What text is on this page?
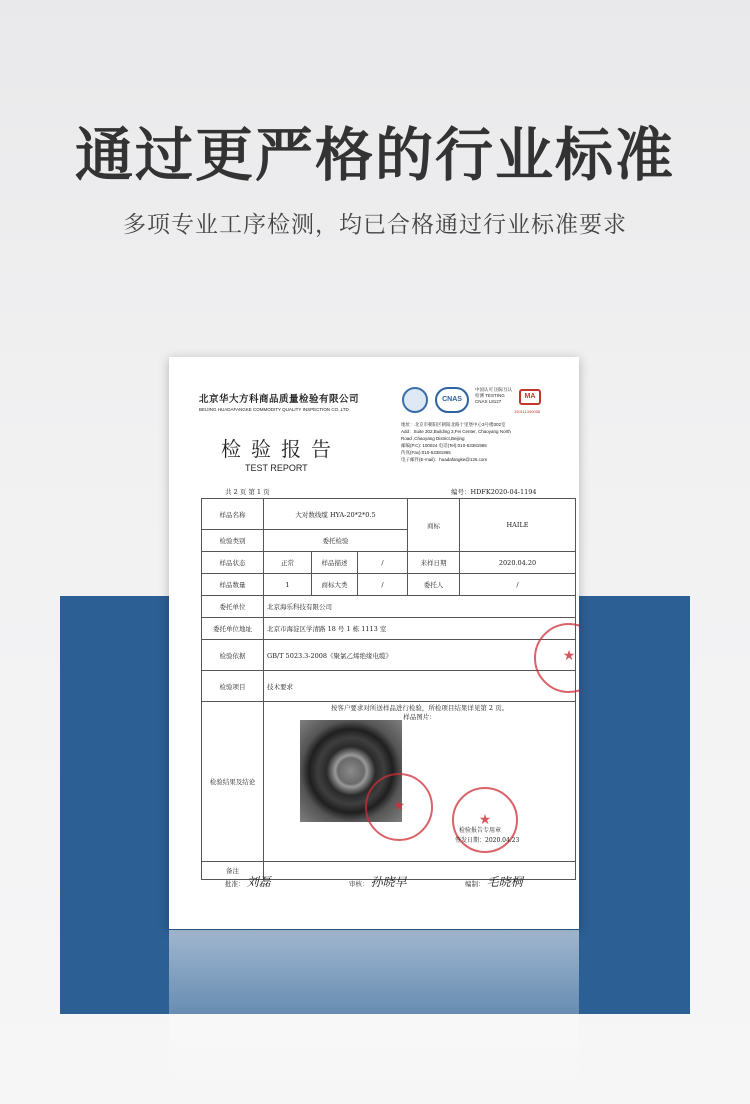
通过更严格的行业标准
多项专业工序检测，均已合格通过行业标准要求
北京华大方科商品质量检验有限公司
BEIJING HUADAFANGKE COMMODITY QUALITY INSPECTION CO.,LTD
检验报告
TEST REPORT
CNAS
中国认可 国际互认 检测 TESTING CNAS L8127
MA
150111340058
地址：北京市朝阳区朝阳北路十里堡中心3号楼302室
Add：Suite 302,Building 3,Fei Center, Chaoyang North
Road ,Chaoyang District,Beijing
邮编(P.C): 100024 电话(Tel):010-53381965
传真(Fax):010-53381965
电子邮件(E-mail)：huadafangke@126.com
共 2 页 第 1 页	编号：HDFK2020-04-1194
样品名称	大对数线缆 HYA-20*2*0.5			商标	HAILE
检验类别	委托检验				
样品状态	正常	样品描述	/	来样日期	2020.04.20
样品数量	1	商标大类	/	委托人	/
委托单位	北京海乐科技有限公司				
委托单位地址	北京市海淀区学清路 18 号 1 栋 1113 室				
检验依据	GB/T 5023.3-2008《聚氯乙烯绝缘电缆》				
检验项目	技术要求				
检验结果及结论	按客户要求对所送样品进行检验，所检项目结果详见第 2 页。
样品图片：				

备注					
★
★
★
检验报告专用章
签发日期：2020.04.23
批准： 刘磊	审核： 孙晓早	编制： 毛晓桐
